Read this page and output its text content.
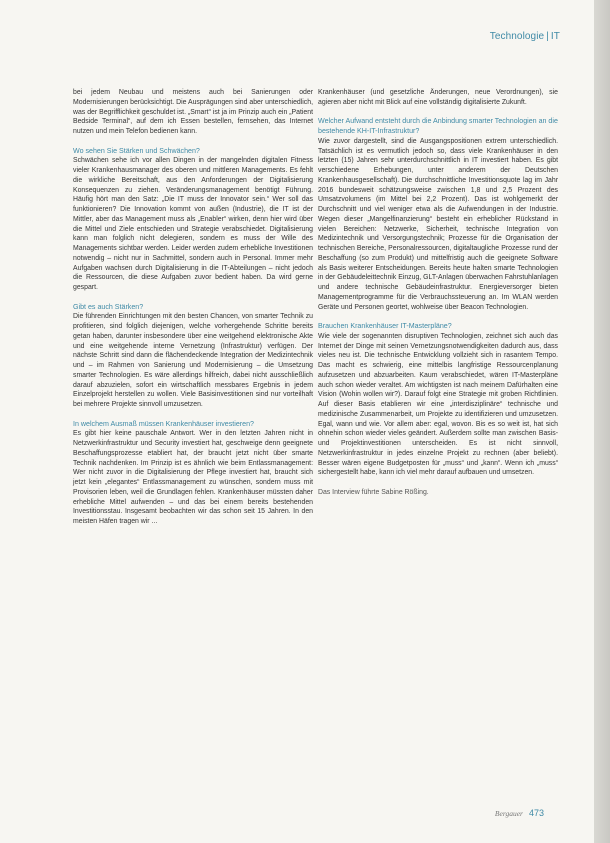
Technologie | IT

bei jedem Neubau und meistens auch bei Sanierungen oder Modernisierungen berücksichtigt. Die Ausprägungen sind aber unterschiedlich, was der Begrifflichkeit geschuldet ist. „Smart“ ist ja im Prinzip auch ein „Patient Bedside Terminal“, auf dem ich Essen bestellen, fernsehen, das Internet nutzen und mein Telefon bedienen kann.

Wo sehen Sie Stärken und Schwächen?

Schwächen sehe ich vor allen Dingen in der mangelnden digitalen Fitness vieler Krankenhausmanager des oberen und mittleren Managements. Es fehlt die wirkliche Bereitschaft, aus den Anforderungen der Digitalisierung Konsequenzen zu ziehen. Veränderungsmanagement benötigt Führung. Häufig hört man den Satz: „Die IT muss der Innovator sein.“ Wer soll das funktionieren? Die Innovation kommt von außen (Industrie), die IT ist der Mittler, aber das Management muss als „Enabler“ wirken, denn hier wird über die Mittel und Ziele entschieden und Strategie verabschiedet. Digitalisierung kann man folglich nicht delegieren, sondern es muss der Wille des Managements sichtbar werden. Leider werden zudem erhebliche Investitionen notwendig – nicht nur in Sachmittel, sondern auch in Personal. Immer mehr Aufgaben wachsen durch Digitalisierung in die IT-Abteilungen – nicht jedoch die Ressourcen, die diese Aufgaben zuvor bedient haben. Da wird gerne gespart.

Gibt es auch Stärken?

Die führenden Einrichtungen mit den besten Chancen, von smarter Technik zu profitieren, sind folglich diejenigen, welche vorhergehende Schritte bereits getan haben, darunter insbesondere über eine weitgehend elektronische Akte und eine weitgehende interne Vernetzung (Infrastruktur) verfügen. Der nächste Schritt sind dann die flächendeckende Integration der Medizintechnik und – im Rahmen von Sanierung und Modernisierung – die Umsetzung smarter Technologien. Es wäre allerdings hilfreich, dabei nicht ausschließlich darauf abzuzielen, sofort ein wirtschaftlich messbares Ergebnis in jedem Einzelprojekt herstellen zu wollen. Viele Basisinvestitionen sind nur vorteilhaft bei mehrere Projekte sinnvoll umzusetzen.

In welchem Ausmaß müssen Krankenhäuser investieren?

Es gibt hier keine pauschale Antwort. Wer in den letzten Jahren nicht in Netzwerkinfrastruktur und Security investiert hat, geschweige denn geeignete Beschaffungsprozesse etabliert hat, der braucht jetzt nicht über smarte Technik nachdenken. Im Prinzip ist es ähnlich wie beim Entlassmanagement: Wer nicht zuvor in die Digitalisierung der Pflege investiert hat, braucht sich jetzt kein „elegantes“ Entlassmanagement zu wünschen, sondern muss mit Provisorien leben, weil die Grundlagen fehlen. Krankenhäuser müssten daher erhebliche Mittel aufwenden – und das bei einem bereits bestehenden Investitionsstau. Insgesamt beobachten wir das schon seit 15 Jahren. In den meisten Häfen tragen wir ...

Krankenhäuser (und gesetzliche Änderungen, neue Verordnungen), sie agieren aber nicht mit Blick auf eine vollständig digitalisierte Zukunft.

Welcher Aufwand entsteht durch die Anbindung smarter Technologien an die bestehende KH-IT-Infrastruktur?

Wie zuvor dargestellt, sind die Ausgangspositionen extrem unterschiedlich. Tatsächlich ist es vermutlich jedoch so, dass viele Krankenhäuser in den letzten (15) Jahren sehr unterdurchschnittlich in IT investiert haben. Es gibt verschiedene Erhebungen, unter anderem der Deutschen Krankenhausgesellschaft). Die durchschnittliche Investitionsquote lag im Jahr 2016 bundesweit schätzungsweise zwischen 1,8 und 2,5 Prozent des Umsatzvolumens (im Mittel bei 2,2 Prozent). Das ist wohlgemerkt der Durchschnitt und viel weniger etwa als die Aufwendungen in der Industrie. Wegen dieser „Mangelfinanzierung“ besteht ein erheblicher Rückstand in vielen Bereichen: Netzwerke, Sicherheit, technische Integration von Medizintechnik und Versorgungstechnik; Prozesse für die Organisation der technischen Bereiche, Personalressourcen, digitaltaugliche Prozesse rund der Beschaffung (so zum Produkt) und mittelfristig auch die geeignete Software als Basis weiterer Entscheidungen. Bereits heute halten smarte Technologien in der Gebäudeleittechnik Einzug, GLT-Anlagen überwachen Fahrstuhlanlagen und andere technische Gebäudeinfrastruktur. Energieversorger bieten Managementprogramme für die Verbrauchssteuerung an. Im WLAN werden Geräte und Personen geortet, wohlweise über Beacon Technologien.

Brauchen Krankenhäuser IT-Masterpläne?

Wie viele der sogenannten disruptiven Technologien, zeichnet sich auch das Internet der Dinge mit seinen Vernetzungsnotwendigkeiten dadurch aus, dass vieles neu ist. Die technische Entwicklung vollzieht sich in rasantem Tempo. Das macht es schwierig, eine mittelbis langfristige Ressourcenplanung aufzusetzen und abzuarbeiten. Kaum verabschiedet, wären IT-Masterpläne auch schon wieder veraltet. Am wichtigsten ist nach meinem Dafürhalten eine Vision (Wohin wollen wir?). Darauf folgt eine Strategie mit groben Richtlinien. Auf dieser Basis etablieren wir eine „interdisziplinäre“ technische und medizinische Zusammenarbeit, um Projekte zu identifizieren und umzusetzen. Egal, wann und wie. Vor allem aber: egal, wovon. Bis es so weit ist, hat sich ohnehin schon wieder vieles geändert. Außerdem sollte man zwischen Basis- und Projektinvestitionen unterscheiden. Es ist nicht sinnvoll, Netzwerkinfrastruktur in jedes einzelne Projekt zu rechnen (aber beliebt). Besser wären eigene Budgetposten für „muss“ und „kann“. Wenn ich „muss“ sichergestellt habe, kann ich viel mehr darauf aufbauen und umsetzen.

Das Interview führte Sabine Rößing.

Bergauer 473
